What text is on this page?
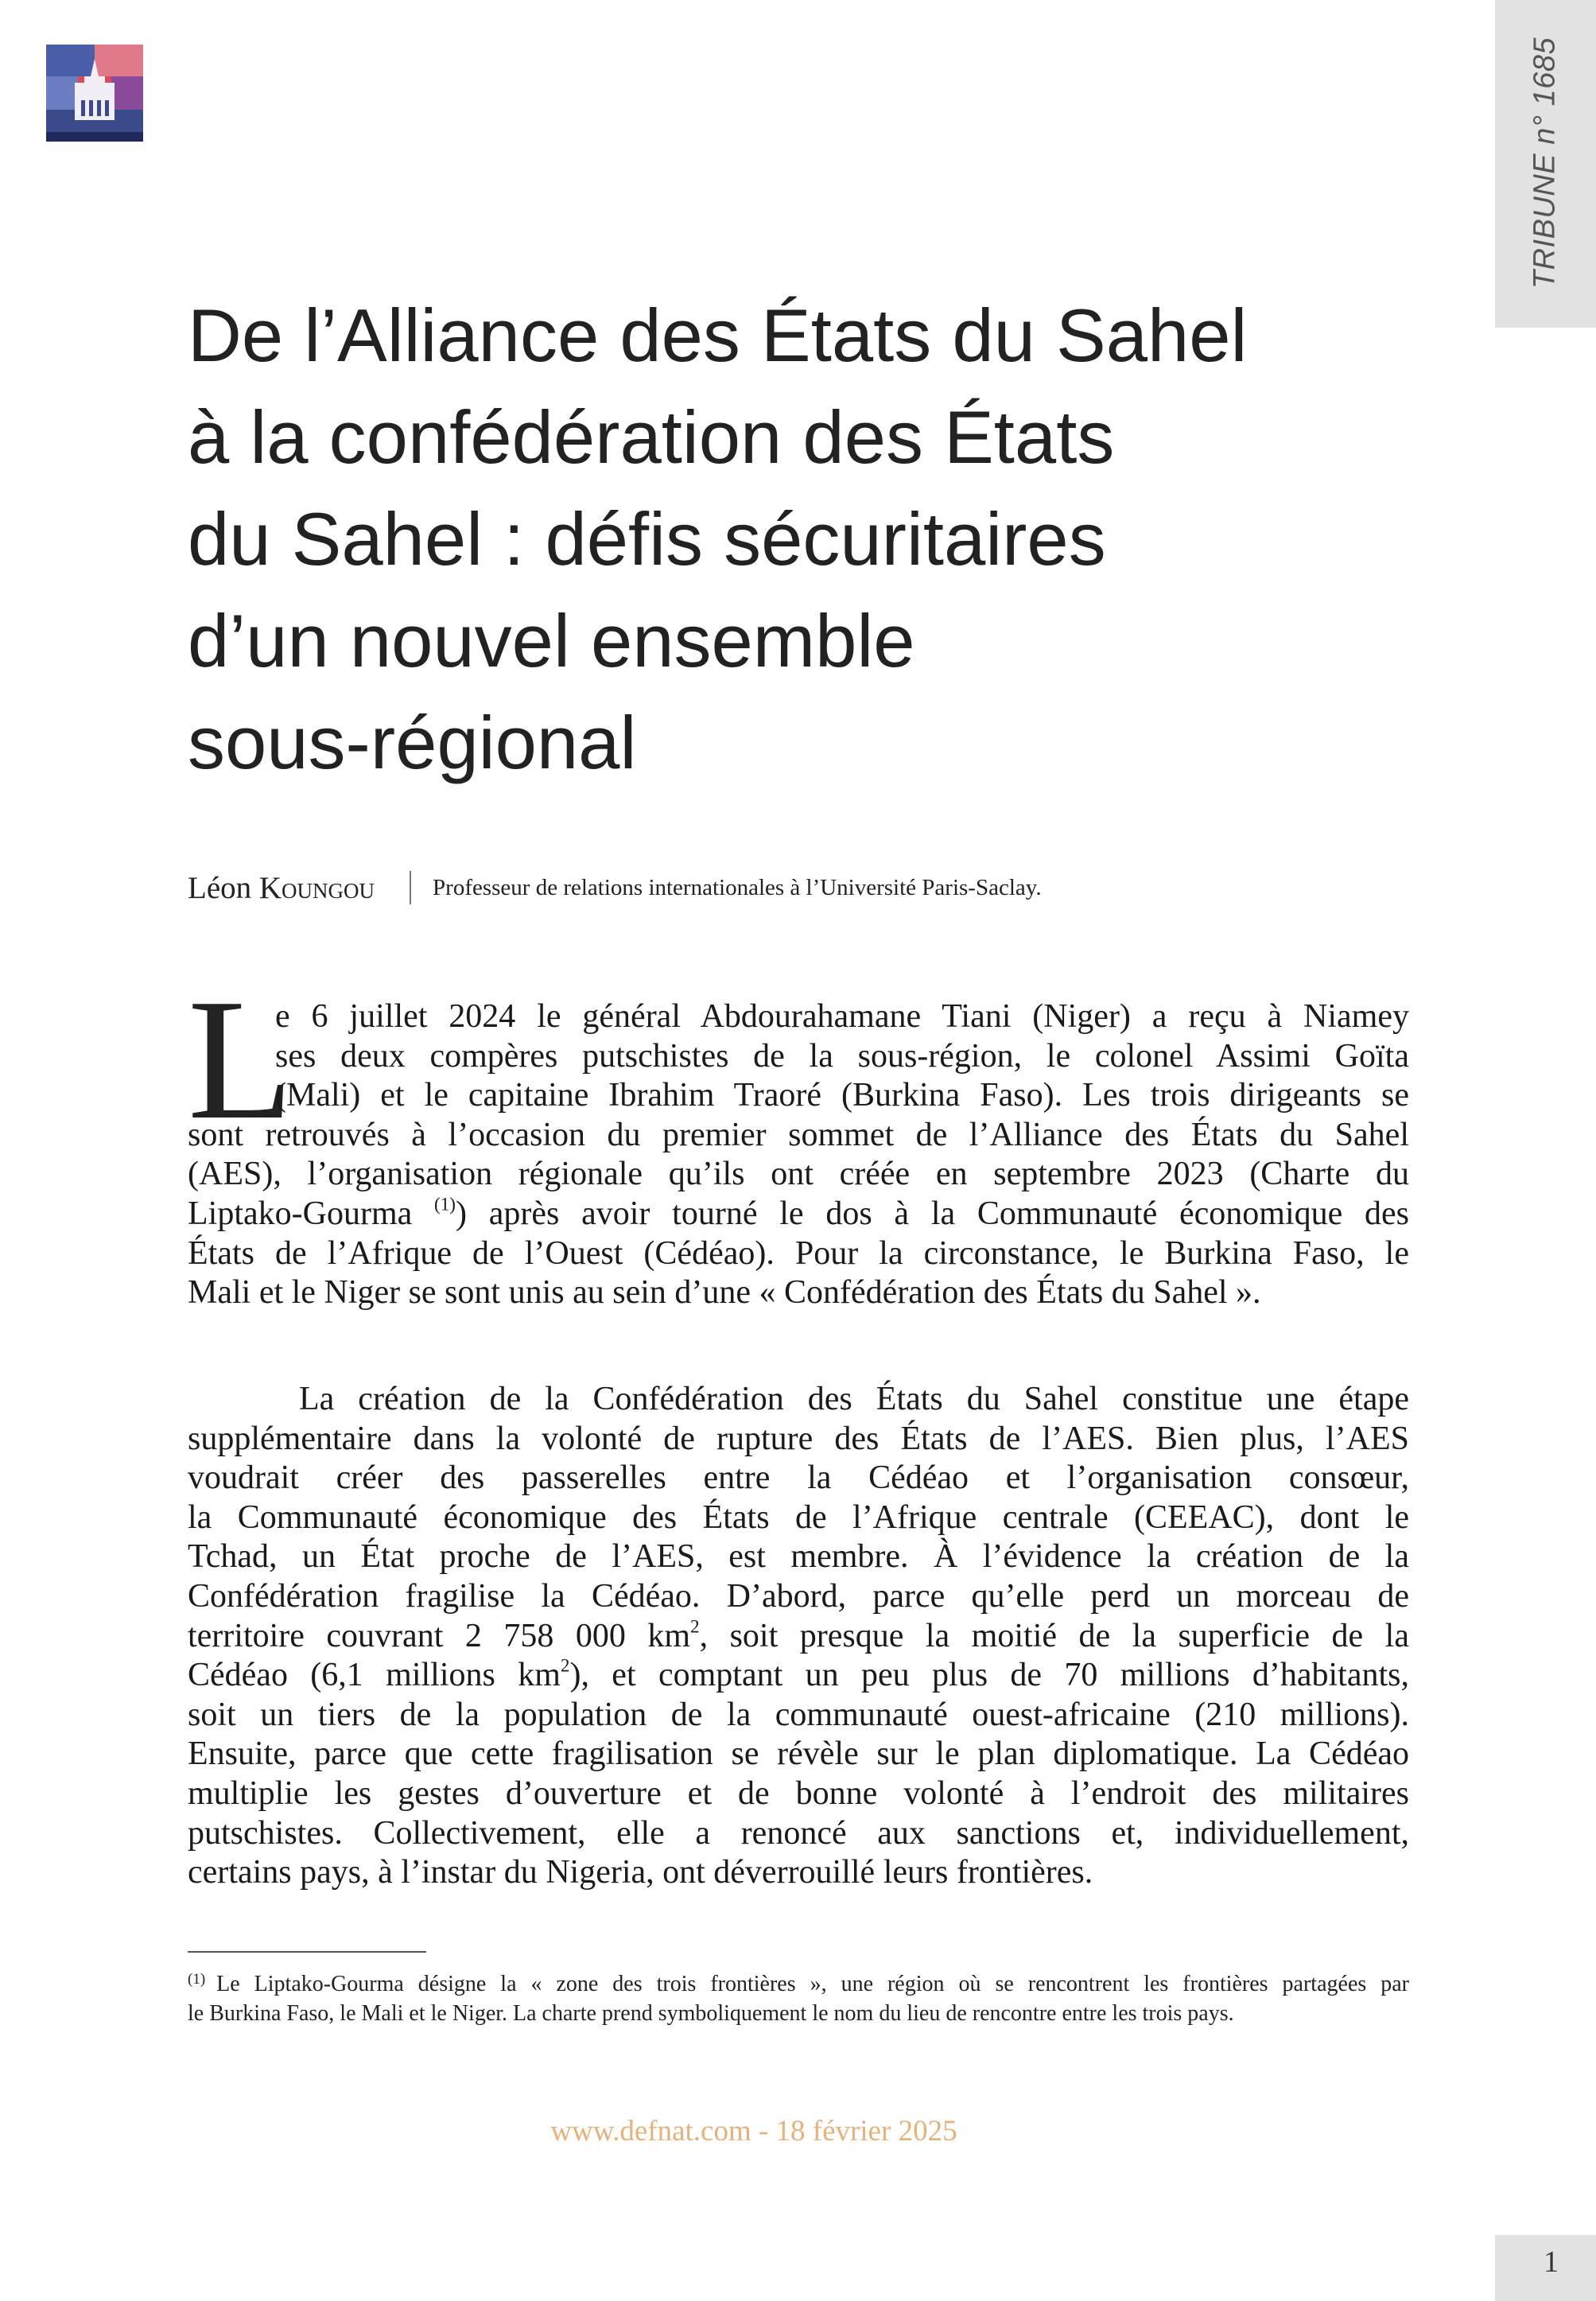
TRIBUNE n° 1685
De l’Alliance des États du Sahel
à la confédération des États
du Sahel : défis sécuritaires
d’un nouvel ensemble
sous-régional
Léon Koungou	Professeur de relations internationales à l’Université Paris-Saclay.
L
e 6 juillet 2024 le général Abdourahamane Tiani (Niger) a reçu à Niamey
ses deux compères putschistes de la sous-région, le colonel Assimi Goïta
(Mali) et le capitaine Ibrahim Traoré (Burkina Faso). Les trois dirigeants se
sont retrouvés à l’occasion du premier sommet de l’Alliance des États du Sahel
(AES), l’organisation régionale qu’ils ont créée en septembre 2023 (Charte du
Liptako-Gourma $^{(1)}$) après avoir tourné le dos à la Communauté économique des
États de l’Afrique de l’Ouest (Cédéao). Pour la circonstance, le Burkina Faso, le
Mali et le Niger se sont unis au sein d’une « Confédération des États du Sahel ».
La création de la Confédération des États du Sahel constitue une étape
supplémentaire dans la volonté de rupture des États de l’AES. Bien plus, l’AES
voudrait créer des passerelles entre la Cédéao et l’organisation consœur,
la Communauté économique des États de l’Afrique centrale (CEEAC), dont le
Tchad, un État proche de l’AES, est membre. À l’évidence la création de la
Confédération fragilise la Cédéao. D’abord, parce qu’elle perd un morceau de
territoire couvrant 2 758 000 $km^2$, soit presque la moitié de la superficie de la
Cédéao (6,1 millions $km^2$), et comptant un peu plus de 70 millions d’habitants,
soit un tiers de la population de la communauté ouest-africaine (210 millions).
Ensuite, parce que cette fragilisation se révèle sur le plan diplomatique. La Cédéao
multiplie les gestes d’ouverture et de bonne volonté à l’endroit des militaires
putschistes. Collectivement, elle a renoncé aux sanctions et, individuellement,
certains pays, à l’instar du Nigeria, ont déverrouillé leurs frontières.
$^{(1)}$ Le Liptako-Gourma désigne la « zone des trois frontières », une région où se rencontrent les frontières partagées par
le Burkina Faso, le Mali et le Niger. La charte prend symboliquement le nom du lieu de rencontre entre les trois pays.
www.defnat.com - 18 février 2025
1
